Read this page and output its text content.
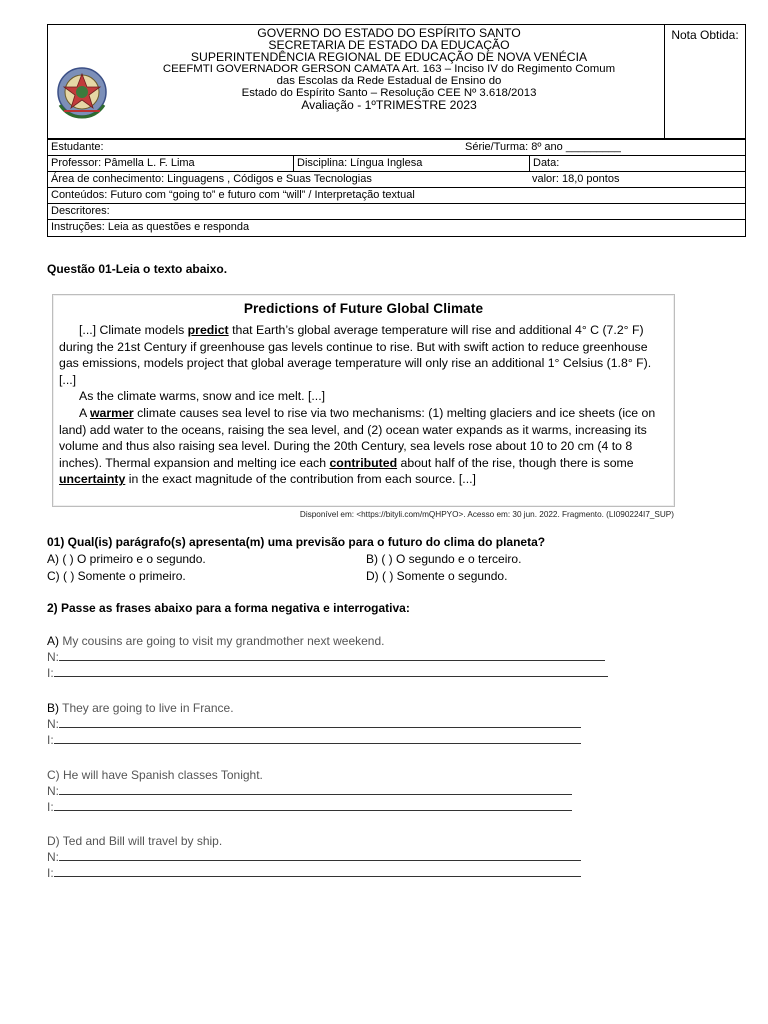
GOVERNO DO ESTADO DO ESPÍRITO SANTO
SECRETARIA DE ESTADO DA EDUCAÇÃO
SUPERINTENDÊNCIA REGIONAL DE EDUCAÇÃO DE NOVA VENÉCIA
CEEFMTI GOVERNADOR GERSON CAMATA Art. 163 – Inciso IV do Regimento Comum
das Escolas da Rede Estadual de Ensino do
Estado do Espírito Santo – Resolução CEE Nº 3.618/2013
Avaliação - 1ºTRIMESTRE 2023
Nota Obtida:
Estudante:	Série/Turma: 8º ano _________
Professor: Pâmella L. F. Lima	Disciplina: Língua Inglesa	Data:
Área de conhecimento: Linguagens , Códigos e Suas Tecnologias	valor: 18,0 pontos
Conteúdos: Futuro com “going to” e futuro com “will” / Interpretação textual
Descritores:
Instruções: Leia as questões e responda
Questão 01-Leia o texto abaixo.
Predictions of Future Global Climate

[...] Climate models predict that Earth’s global average temperature will rise and additional 4° C (7.2° F) during the 21st Century if greenhouse gas levels continue to rise. But with swift action to reduce greenhouse gas emissions, models project that global average temperature will only rise an additional 1° Celsius (1.8° F). [...]

As the climate warms, snow and ice melt. [...]

A warmer climate causes sea level to rise via two mechanisms: (1) melting glaciers and ice sheets (ice on land) add water to the oceans, raising the sea level, and (2) ocean water expands as it warms, increasing its volume and thus also raising sea level. During the 20th Century, sea levels rose about 10 to 20 cm (4 to 8 inches). Thermal expansion and melting ice each contributed about half of the rise, though there is some uncertainty in the exact magnitude of the contribution from each source. [...]

Disponível em: <https://bityli.com/mQHPYO>. Acesso em: 30 jun. 2022. Fragmento. (LI090224I7_SUP)
01) Qual(is) parágrafo(s) apresenta(m) uma previsão para o futuro do clima do planeta?
A) ( ) O primeiro e o segundo.	B) ( ) O segundo e o terceiro.
C) ( ) Somente o primeiro.	D) ( ) Somente o segundo.
2) Passe as frases abaixo para a forma negativa e interrogativa:
A) My cousins are going to visit my grandmother next weekend.
N:
I:
B) They are going to live in France.
N:
I:
C) He will have Spanish classes Tonight.
N:
I:
D) Ted and Bill will travel by ship.
N:
I:
